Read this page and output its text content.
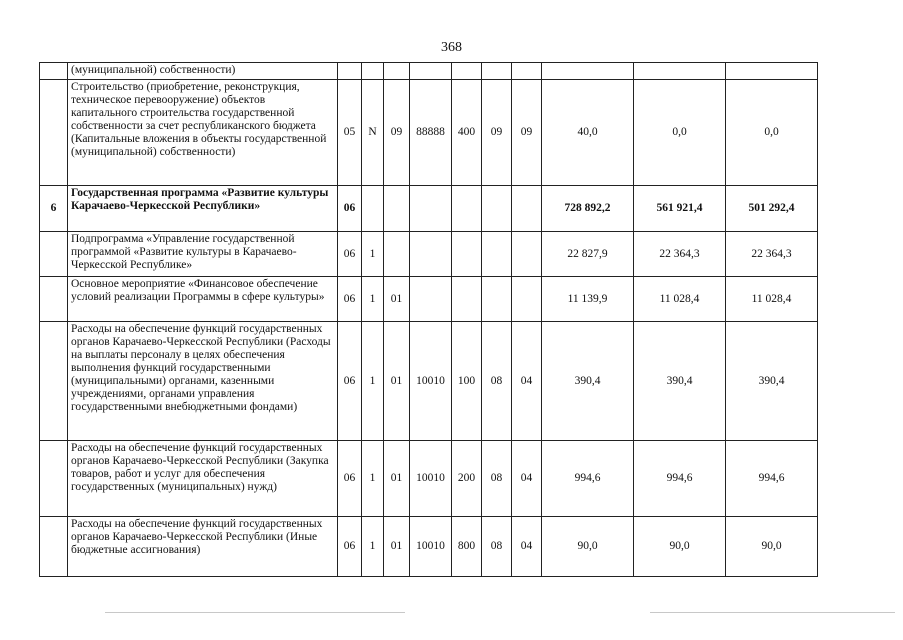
368
	(муниципальной) собственности)										
	Строительство (приобретение, реконструкция, техническое перевооружение) объектов капитального строительства государственной собственности за счет республиканского бюджета (Капитальные вложения в объекты государственной (муниципальной) собственности)	05	N	09	88888	400	09	09	40,0	0,0	0,0
6	Государственная программа «Развитие культуры Карачаево-Черкесской Республики»	06							728 892,2	561 921,4	501 292,4
	Подпрограмма «Управление государственной программой «Развитие культуры в Карачаево-Черкесской Республике»	06	1						22 827,9	22 364,3	22 364,3
	Основное мероприятие «Финансовое обеспечение условий реализации Программы в сфере культуры»	06	1	01					11 139,9	11 028,4	11 028,4
	Расходы на обеспечение функций государственных органов Карачаево-Черкесской Республики (Расходы на выплаты персоналу в целях обеспечения выполнения функций государственными (муниципальными) органами, казенными учреждениями, органами управления государственными внебюджетными фондами)	06	1	01	10010	100	08	04	390,4	390,4	390,4
	Расходы на обеспечение функций государственных органов Карачаево-Черкесской Республики (Закупка товаров, работ и услуг для обеспечения государственных (муниципальных) нужд)	06	1	01	10010	200	08	04	994,6	994,6	994,6
	Расходы на обеспечение функций государственных органов Карачаево-Черкесской Республики (Иные бюджетные ассигнования)	06	1	01	10010	800	08	04	90,0	90,0	90,0
